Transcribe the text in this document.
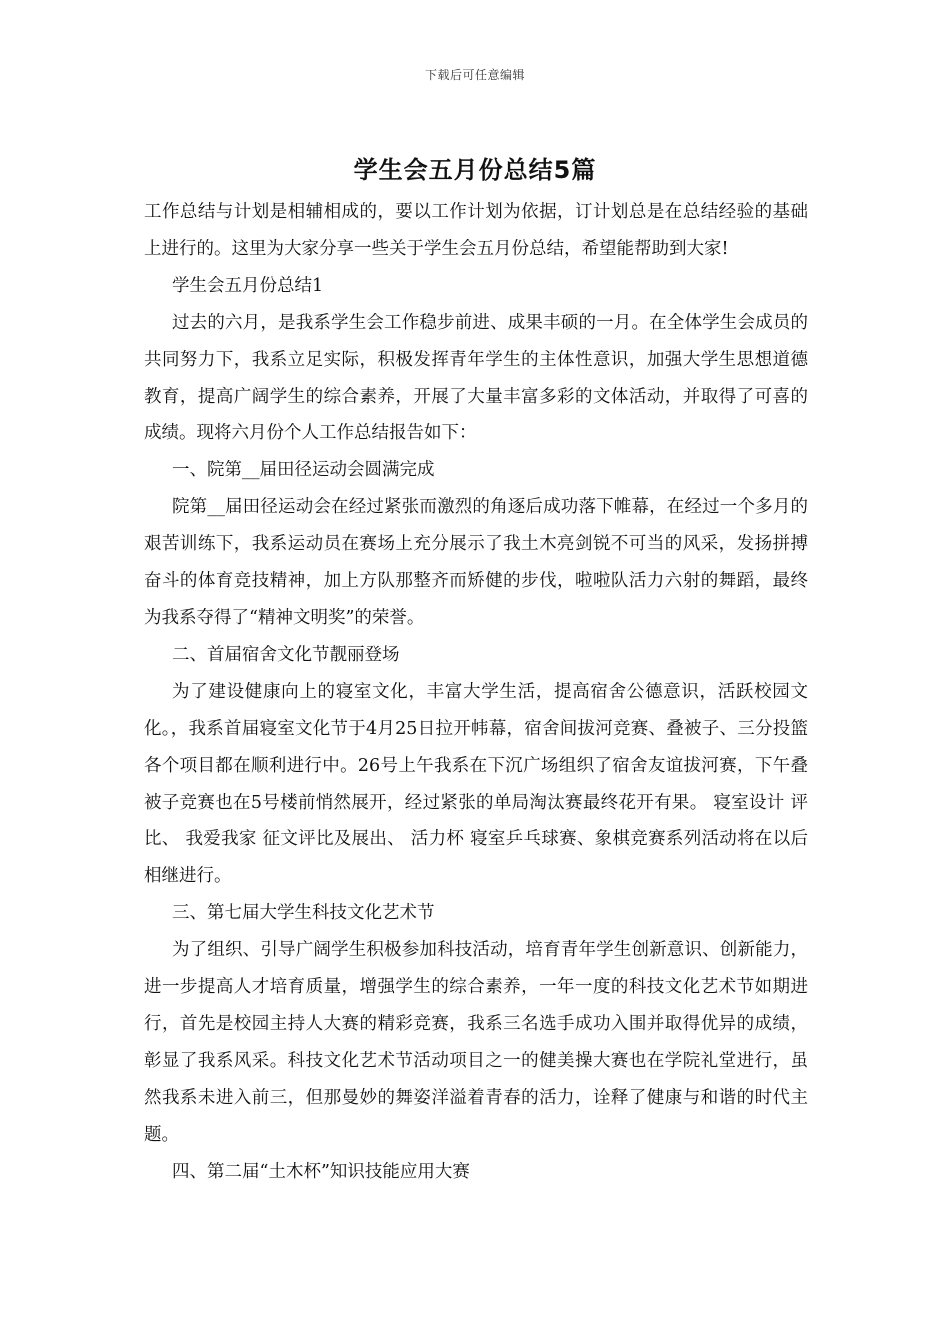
下载后可任意编辑
学生会五月份总结5篇

工作总结与计划是相辅相成的，要以工作计划为依据，订计划总是在总结经验的基础上进行的。这里为大家分享一些关于学生会五月份总结，希望能帮助到大家!

学生会五月份总结1

过去的六月，是我系学生会工作稳步前进、成果丰硕的一月。在全体学生会成员的共同努力下，我系立足实际，积极发挥青年学生的主体性意识，加强大学生思想道德教育，提高广阔学生的综合素养，开展了大量丰富多彩的文体活动，并取得了可喜的成绩。现将六月份个人工作总结报告如下：

一、院第__届田径运动会圆满完成

院第__届田径运动会在经过紧张而激烈的角逐后成功落下帷幕，在经过一个多月的艰苦训练下，我系运动员在赛场上充分展示了我土木亮剑锐不可当的风采，发扬拼搏奋斗的体育竞技精神，加上方队那整齐而矫健的步伐，啦啦队活力六射的舞蹈，最终为我系夺得了“精神文明奖”的荣誉。

二、首届宿舍文化节靓丽登场

为了建设健康向上的寝室文化，丰富大学生活，提高宿舍公德意识，活跃校园文化。，我系首届寝室文化节于4月25日拉开帏幕，宿舍间拔河竞赛、叠被子、三分投篮各个项目都在顺利进行中。26号上午我系在下沉广场组织了宿舍友谊拔河赛，下午叠被子竞赛也在5号楼前悄然展开，经过紧张的单局淘汰赛最终花开有果。 寝室设计 评比、 我爱我家 征文评比及展出、 活力杯 寝室乒乓球赛、象棋竞赛系列活动将在以后相继进行。

三、第七届大学生科技文化艺术节

为了组织、引导广阔学生积极参加科技活动，培育青年学生创新意识、创新能力，进一步提高人才培育质量，增强学生的综合素养，一年一度的科技文化艺术节如期进行，首先是校园主持人大赛的精彩竞赛，我系三名选手成功入围并取得优异的成绩，彰显了我系风采。科技文化艺术节活动项目之一的健美操大赛也在学院礼堂进行，虽然我系未进入前三，但那曼妙的舞姿洋溢着青春的活力，诠释了健康与和谐的时代主题。

四、第二届“土木杯”知识技能应用大赛
